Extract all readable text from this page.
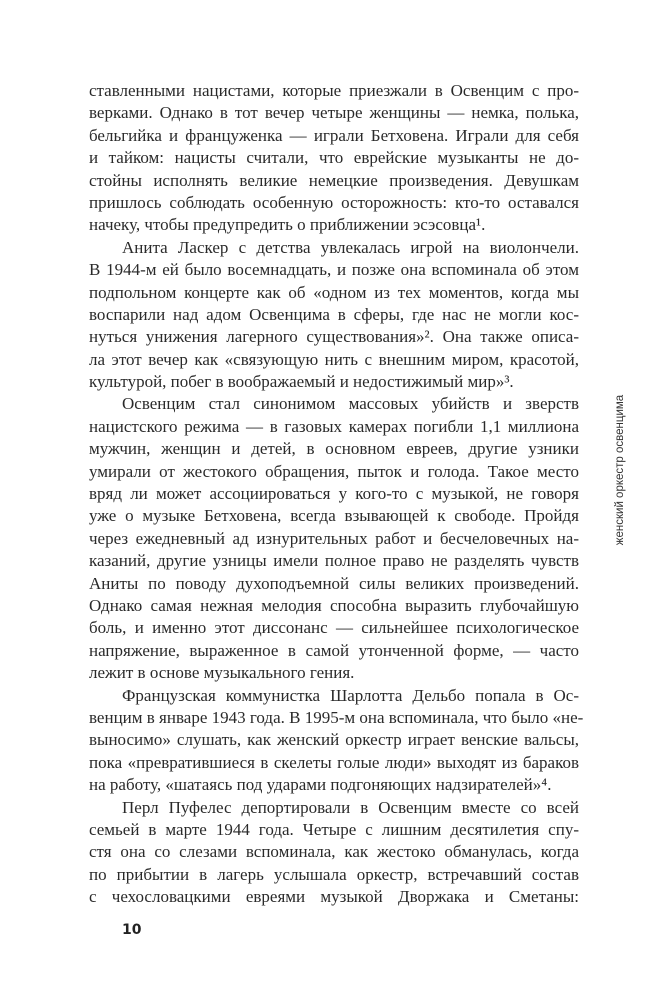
ставленными нацистами, которые приезжали в Освенцим с про-
верками. Однако в тот вечер четыре женщины — немка, полька,
бельгийка и француженка — играли Бетховена. Играли для себя
и тайком: нацисты считали, что еврейские музыканты не до-
стойны исполнять великие немецкие произведения. Девушкам
пришлось соблюдать особенную осторожность: кто-то оставался
начеку, чтобы предупредить о приближении эсэсовца¹.
Анита Ласкер с детства увлекалась игрой на виолончели.
В 1944-м ей было восемнадцать, и позже она вспоминала об этом
подпольном концерте как об «одном из тех моментов, когда мы
воспарили над адом Освенцима в сферы, где нас не могли кос-
нуться унижения лагерного существования»². Она также описа-
ла этот вечер как «связующую нить с внешним миром, красотой,
культурой, побег в воображаемый и недостижимый мир»³.
Освенцим стал синонимом массовых убийств и зверств
нацистского режима — в газовых камерах погибли 1,1 миллиона
мужчин, женщин и детей, в основном евреев, другие узники
умирали от жестокого обращения, пыток и голода. Такое место
вряд ли может ассоциироваться у кого-то с музыкой, не говоря
уже о музыке Бетховена, всегда взывающей к свободе. Пройдя
через ежедневный ад изнурительных работ и бесчеловечных на-
казаний, другие узницы имели полное право не разделять чувств
Аниты по поводу духоподъемной силы великих произведений.
Однако самая нежная мелодия способна выразить глубочайшую
боль, и именно этот диссонанс — сильнейшее психологическое
напряжение, выраженное в самой утонченной форме, — часто
лежит в основе музыкального гения.
Французская коммунистка Шарлотта Дельбо попала в Ос-
венцим в январе 1943 года. В 1995-м она вспоминала, что было «не-
выносимо» слушать, как женский оркестр играет венские вальсы,
пока «превратившиеся в скелеты голые люди» выходят из бараков
на работу, «шатаясь под ударами подгоняющих надзирателей»⁴.
Перл Пуфелес депортировали в Освенцим вместе со всей
семьей в марте 1944 года. Четыре с лишним десятилетия спу-
стя она со слезами вспоминала, как жестоко обманулась, когда
по прибытии в лагерь услышала оркестр, встречавший состав
с чехословацкими евреями музыкой Дворжака и Сметаны:
женский оркестр освенцима
10
